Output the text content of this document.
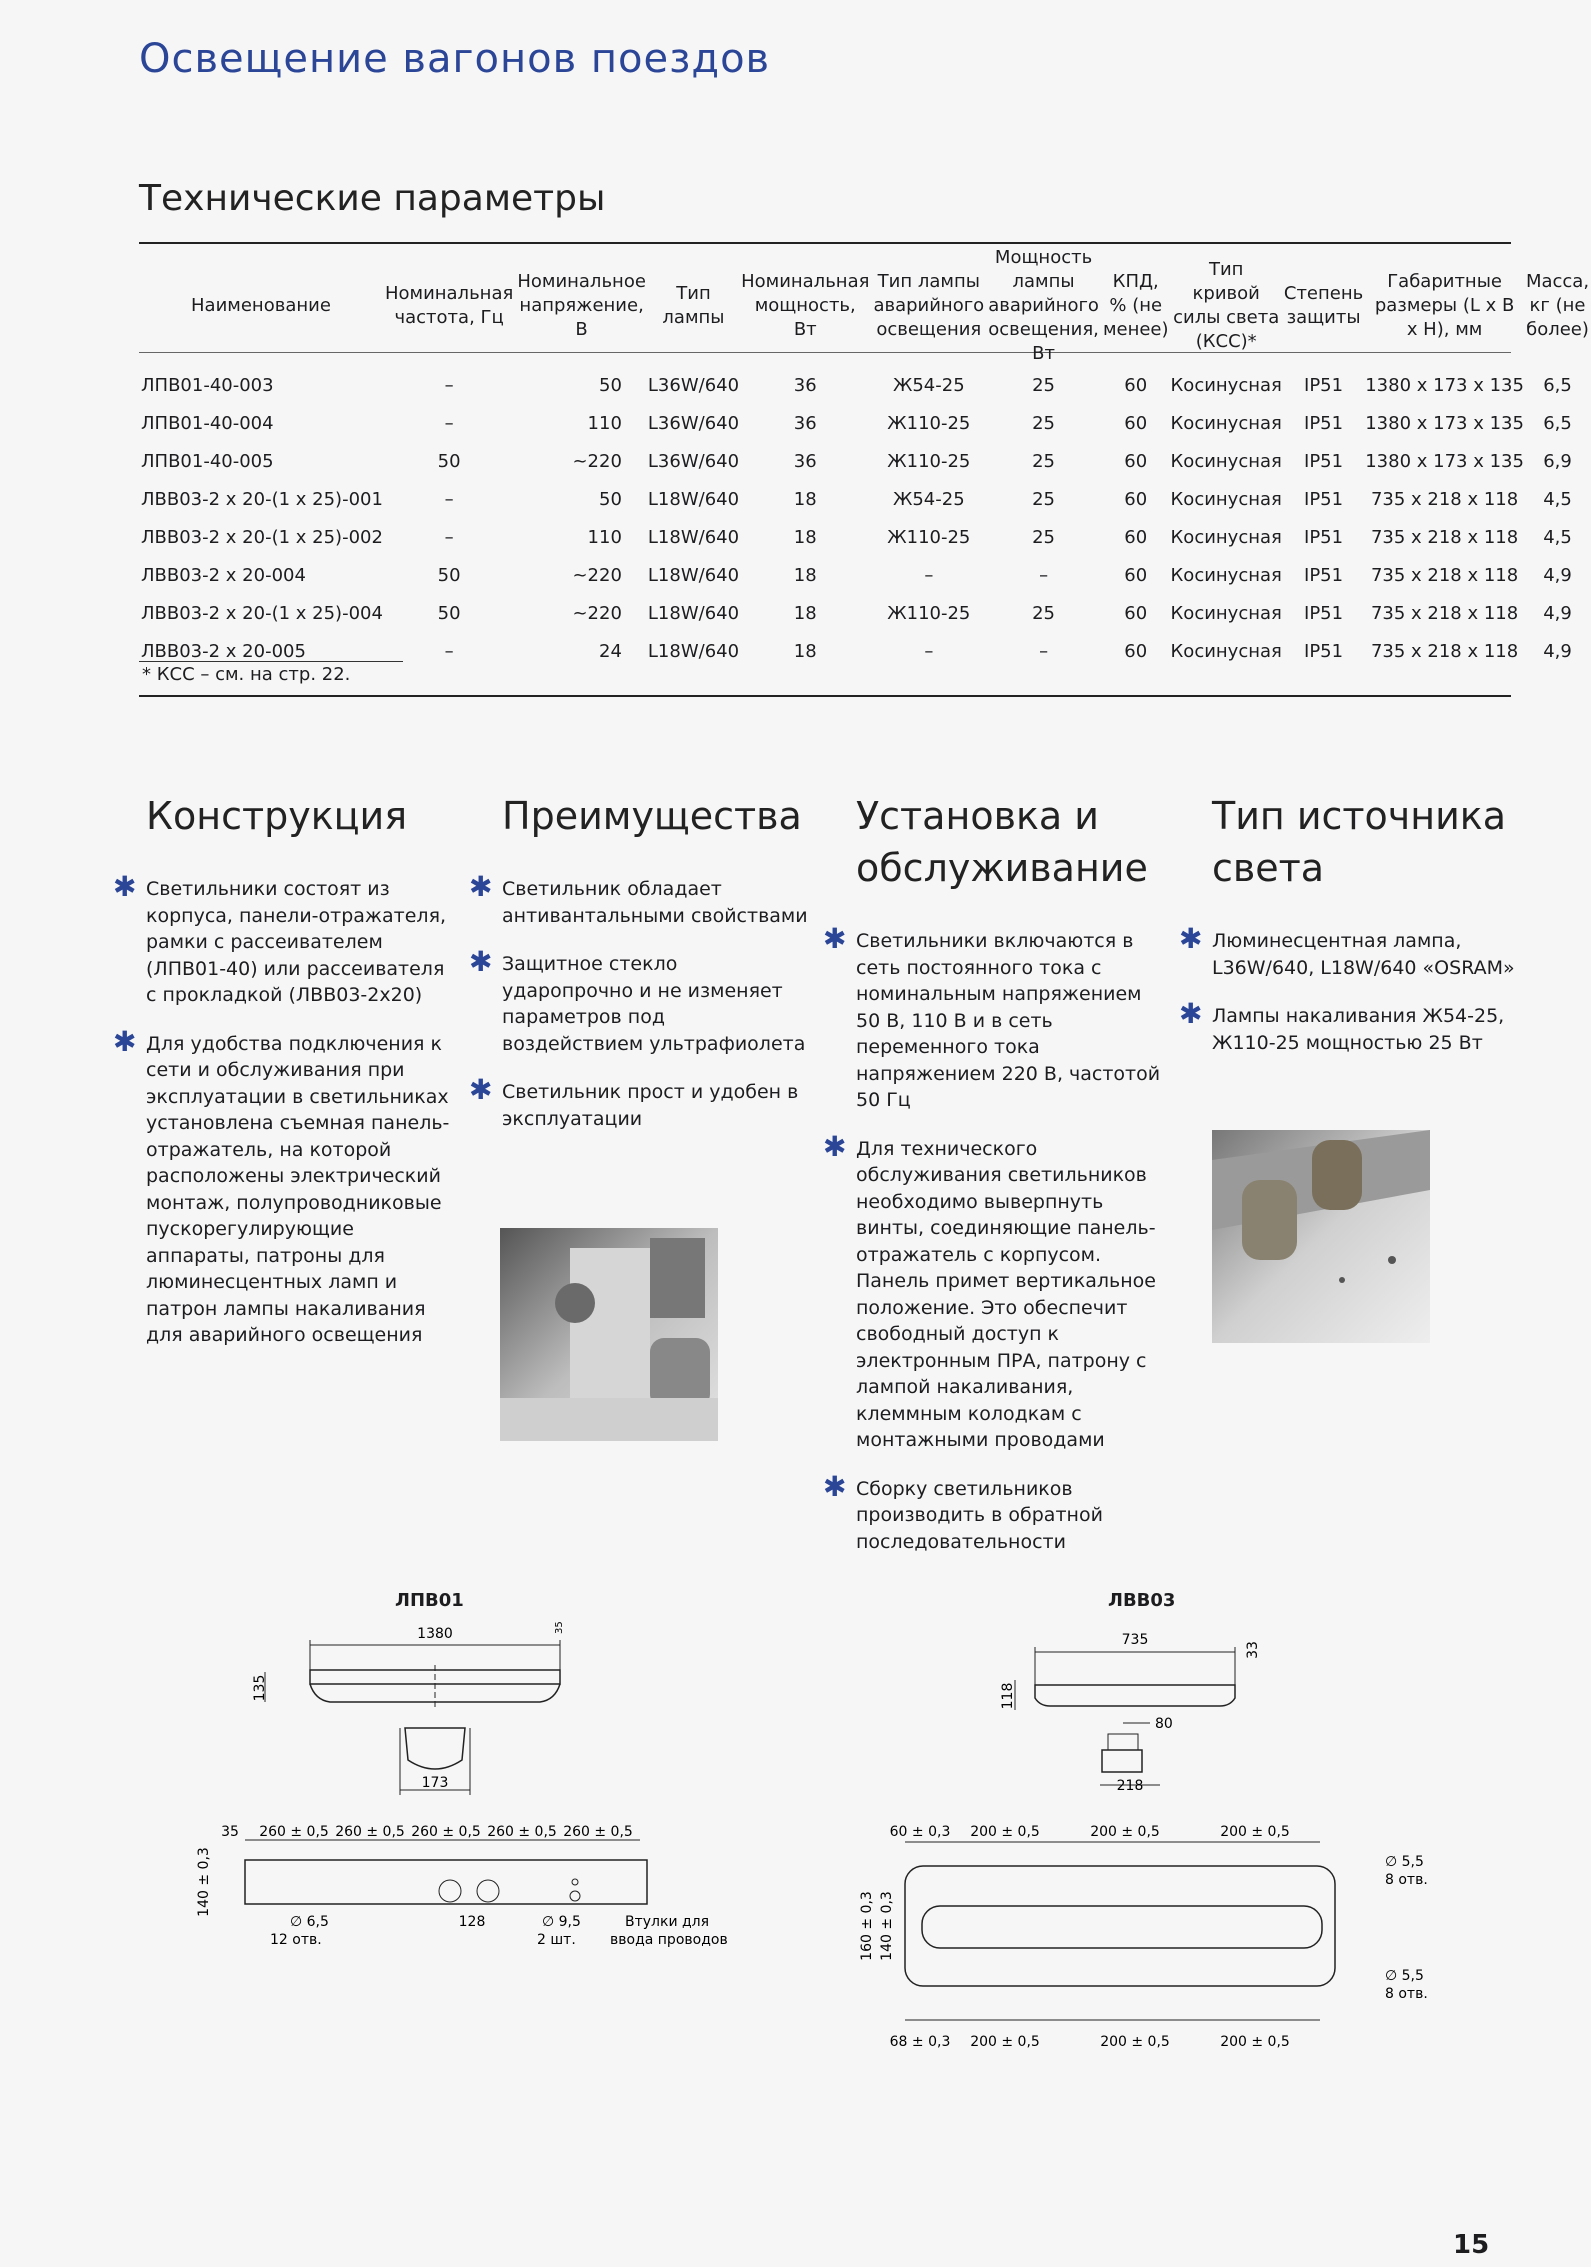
Освещение вагонов поездов
Технические параметры
Наименование	Номинальная частота, Гц	Номинальное напряжение, В	Тип лампы	Номинальная мощность, Вт	Тип лампы аварийного освещения	Мощность лампы аварийного освещения, Вт	КПД, % (не менее)	Тип кривой силы света (КСС)*	Степень защиты	Габаритные размеры (L x B x H), мм	Масса, кг (не более)
ЛПВ01-40-003	–	50	L36W/640	36	Ж54-25	25	60	Косинусная	IP51	1380 x 173 x 135	6,5
ЛПВ01-40-004	–	110	L36W/640	36	Ж110-25	25	60	Косинусная	IP51	1380 x 173 x 135	6,5
ЛПВ01-40-005	50	~220	L36W/640	36	Ж110-25	25	60	Косинусная	IP51	1380 x 173 x 135	6,9
ЛВВ03-2 x 20-(1 x 25)-001	–	50	L18W/640	18	Ж54-25	25	60	Косинусная	IP51	735 x 218 x 118	4,5
ЛВВ03-2 x 20-(1 x 25)-002	–	110	L18W/640	18	Ж110-25	25	60	Косинусная	IP51	735 x 218 x 118	4,5
ЛВВ03-2 x 20-004	50	~220	L18W/640	18	–	–	60	Косинусная	IP51	735 x 218 x 118	4,9
ЛВВ03-2 x 20-(1 x 25)-004	50	~220	L18W/640	18	Ж110-25	25	60	Косинусная	IP51	735 x 218 x 118	4,9
ЛВВ03-2 x 20-005	–	24	L18W/640	18	–	–	60	Косинусная	IP51	735 x 218 x 118	4,9
* КСС – см. на стр. 22.
Конструкция
✱ Светильники состоят из корпуса, панели-отражателя, рамки с рассеивателем (ЛПВ01-40) или рассеивателя с прокладкой (ЛВВ03-2x20)
✱ Для удобства подключения к сети и обслуживания при эксплуатации в светильниках установлена съемная панель-отражатель, на которой расположены электрический монтаж, полупроводниковые пускорегулирующие аппараты, патроны для люминесцентных ламп и патрон лампы накаливания для аварийного освещения
Преимущества
✱ Светильник обладает антивантальными свойствами
✱ Защитное стекло ударопрочно и не изменяет параметров под воздействием ультрафиолета
✱ Светильник прост и удобен в эксплуатации
Установка и обслуживание
✱ Светильники включаются в сеть постоянного тока с номинальным напряжением 50 В, 110 В и в сеть переменного тока напряжением 220 В, частотой 50 Гц
✱ Для технического обслуживания светильников необходимо выверпнуть винты, соединяющие панель-отражатель с корпусом. Панель примет вертикальное положение. Это обеспечит свободный доступ к электронным ПРА, патрону с лампой накаливания, клеммным колодкам с монтажными проводами
✱ Сборку светильников производить в обратной последовательности
Тип источника света
✱ Люминесцентная лампа, L36W/640, L18W/640 «OSRAM»
✱ Лампы накаливания Ж54-25, Ж110-25 мощностью 25 Вт
ЛПВ01
1380
135
35
173
35 260 ± 0,5 260 ± 0,5 260 ± 0,5 260 ± 0,5 260 ± 0,5
140 ± 0,3
∅ 6,5
12 отв.
128	∅ 9,5
2 шт.
Втулки для
ввода проводов
ЛВВ03
735
118
33
80
218
60 ± 0,3 200 ± 0,5	200 ± 0,5	200 ± 0,5
160 ± 0,3 140 ± 0,3
∅ 5,5
8 отв.
∅ 5,5
8 отв.
68 ± 0,3 200 ± 0,5	200 ± 0,5	200 ± 0,5
15
